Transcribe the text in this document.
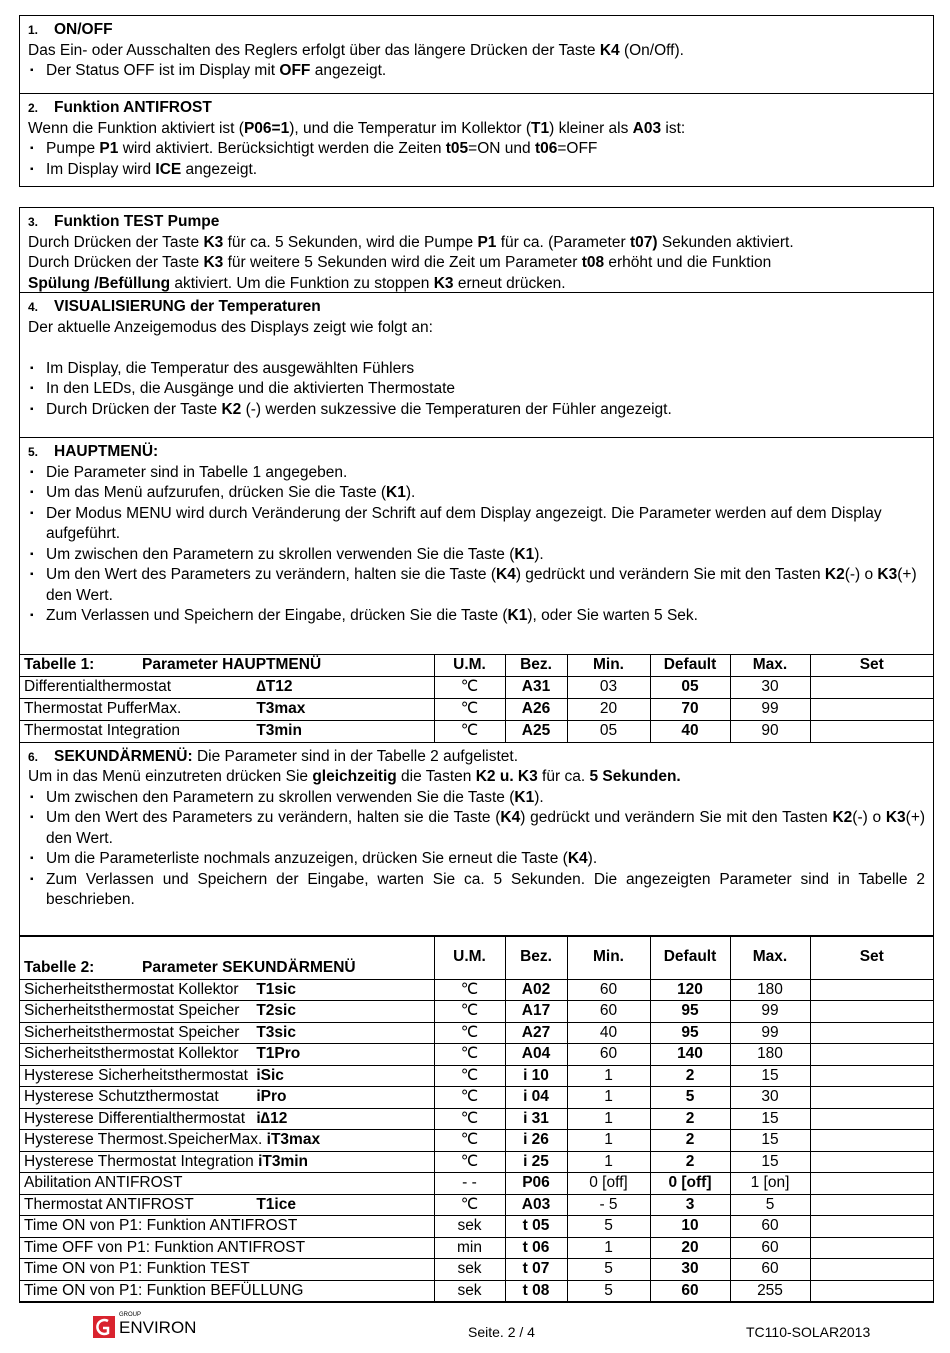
1. ON/OFF

Das Ein- oder Ausschalten des Reglers erfolgt über das längere Drücken der Taste K4 (On/Off).

▪ Der Status OFF ist im Display mit OFF angezeigt.

2. Funktion ANTIFROST

Wenn die Funktion aktiviert ist (P06=1), und die Temperatur im Kollektor (T1) kleiner als A03 ist:

▪ Pumpe P1 wird aktiviert. Berücksichtigt werden die Zeiten t05=ON und t06=OFF
▪ Im Display wird ICE angezeigt.

3. Funktion TEST Pumpe

Durch Drücken der Taste K3 für ca. 5 Sekunden, wird die Pumpe P1 für ca. (Parameter t07) Sekunden aktiviert.

Durch Drücken der Taste K3 für weitere 5 Sekunden wird die Zeit um Parameter t08 erhöht und die Funktion

Spülung /Befüllung aktiviert. Um die Funktion zu stoppen K3 erneut drücken.

4. VISUALISIERUNG der Temperaturen

Der aktuelle Anzeigemodus des Displays zeigt wie folgt an:

▪ Im Display, die Temperatur des ausgewählten Fühlers
▪ In den LEDs, die Ausgänge und die aktivierten Thermostate
▪ Durch Drücken der Taste K2 (-) werden sukzessive die Temperaturen der Fühler angezeigt.

5. HAUPTMENÜ:

▪ Die Parameter sind in Tabelle 1 angegeben.
▪ Um das Menü aufzurufen, drücken Sie die Taste (K1).
▪ Der Modus MENU wird durch Veränderung der Schrift auf dem Display angezeigt. Die Parameter werden auf dem Display aufgeführt.
▪ Um zwischen den Parametern zu skrollen verwenden Sie die Taste (K1).
▪ Um den Wert des Parameters zu verändern, halten sie die Taste (K4) gedrückt und verändern Sie mit den Tasten K2(-) o K3(+) den Wert.
▪ Zum Verlassen und Speichern der Eingabe, drücken Sie die Taste (K1), oder Sie warten 5 Sek.
Tabelle 1: Parameter HAUPTMENÜ	U.M.	Bez.	Min.	Default	Max.	Set
Differentialthermostat ∆T12	℃	A31	03	05	30	
Thermostat PufferMax. T3max	℃	A26	20	70	99	
Thermostat Integration T3min	℃	A25	05	40	90	

6. SEKUNDÄRMENÜ: Die Parameter sind in der Tabelle 2 aufgelistet.

Um in das Menü einzutreten drücken Sie gleichzeitig die Tasten K2 u. K3 für ca. 5 Sekunden.

▪ Um zwischen den Parametern zu skrollen verwenden Sie die Taste (K1).
▪ Um den Wert des Parameters zu verändern, halten sie die Taste (K4) gedrückt und verändern Sie mit den Tasten K2(-) o K3(+) den Wert.
▪ Um die Parameterliste nochmals anzuzeigen, drücken Sie erneut die Taste (K4).
▪ Zum Verlassen und Speichern der Eingabe, warten Sie ca. 5 Sekunden. Die angezeigten Parameter sind in Tabelle 2 beschrieben.
Tabelle 2: Parameter SEKUNDÄRMENÜ	U.M.	Bez.	Min.	Default	Max.	Set
Sicherheitsthermostat Kollektor T1sic	℃	A02	60	120	180	
Sicherheitsthermostat Speicher T2sic	℃	A17	60	95	99	
Sicherheitsthermostat Speicher T3sic	℃	A27	40	95	99	
Sicherheitsthermostat Kollektor T1Pro	℃	A04	60	140	180	
Hysterese Sicherheitsthermostat iSic	℃	i 10	1	2	15	
Hysterese Schutzthermostat iPro	℃	i 04	1	5	30	
Hysterese Differentialthermostat i∆12	℃	i 31	1	2	15	
Hysterese Thermost.SpeicherMax. iT3max	℃	i 26	1	2	15	
Hysterese Thermostat Integration iT3min	℃	i 25	1	2	15	
Abilitation ANTIFROST	- -	P06	0 [off]	0 [off]	1 [on]	
Thermostat ANTIFROST T1ice	℃	A03	- 5	3	5	
Time ON von P1: Funktion ANTIFROST	sek	t 05	5	10	60	
Time OFF von P1: Funktion ANTIFROST	min	t 06	1	20	60	
Time ON von P1: Funktion TEST	sek	t 07	5	30	60	
Time ON von P1: Funktion BEFÜLLUNG	sek	t 08	5	60	255	
GROUP
ENVIRON	Seite. 2 / 4	TC110-SOLAR2013
